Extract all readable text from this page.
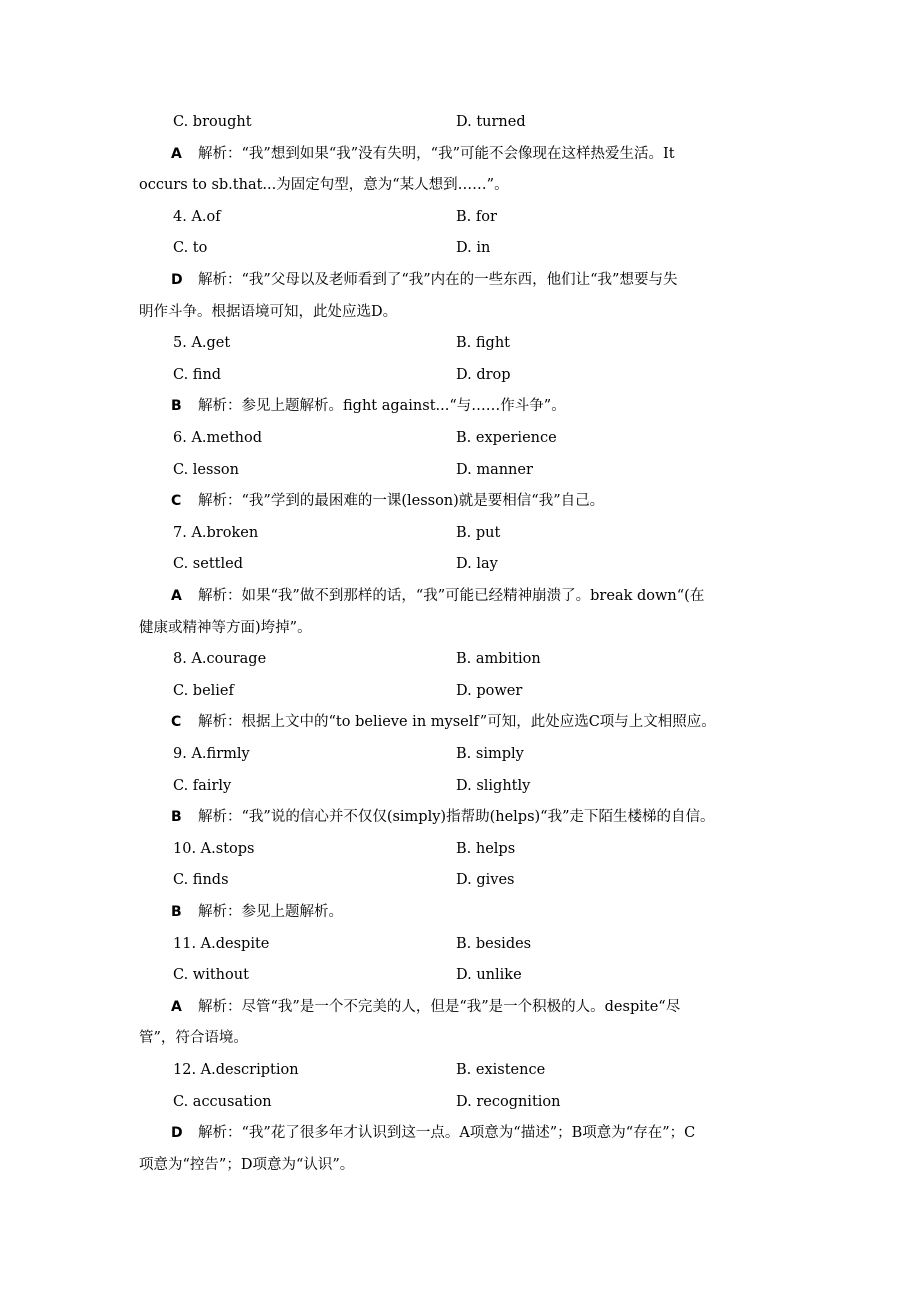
C. brought	D. turned
A 解析：“我”想到如果“我”没有失明，“我”可能不会像现在这样热爱生活。It
occurs to sb.that...为固定句型，意为“某人想到……”。
4. A.of	B. for
C. to	D. in
D 解析：“我”父母以及老师看到了“我”内在的一些东西，他们让“我”想要与失
明作斗争。根据语境可知，此处应选D。
5. A.get	B. fight
C. find	D. drop
B 解析：参见上题解析。fight against...“与……作斗争”。
6. A.method	B. experience
C. lesson	D. manner
C 解析：“我”学到的最困难的一课(lesson)就是要相信“我”自己。
7. A.broken	B. put
C. settled	D. lay
A 解析：如果“我”做不到那样的话，“我”可能已经精神崩溃了。break down“(在
健康或精神等方面)垮掉”。
8. A.courage	B. ambition
C. belief	D. power
C 解析：根据上文中的“to believe in myself”可知，此处应选C项与上文相照应。
9. A.firmly	B. simply
C. fairly	D. slightly
B 解析：“我”说的信心并不仅仅(simply)指帮助(helps)“我”走下陌生楼梯的自信。
10. A.stops	B. helps
C. finds	D. gives
B 解析：参见上题解析。
11. A.despite	B. besides
C. without	D. unlike
A 解析：尽管“我”是一个不完美的人，但是“我”是一个积极的人。despite“尽
管”，符合语境。
12. A.description	B. existence
C. accusation	D. recognition
D 解析：“我”花了很多年才认识到这一点。A项意为“描述”；B项意为“存在”；C
项意为“控告”；D项意为“认识”。
